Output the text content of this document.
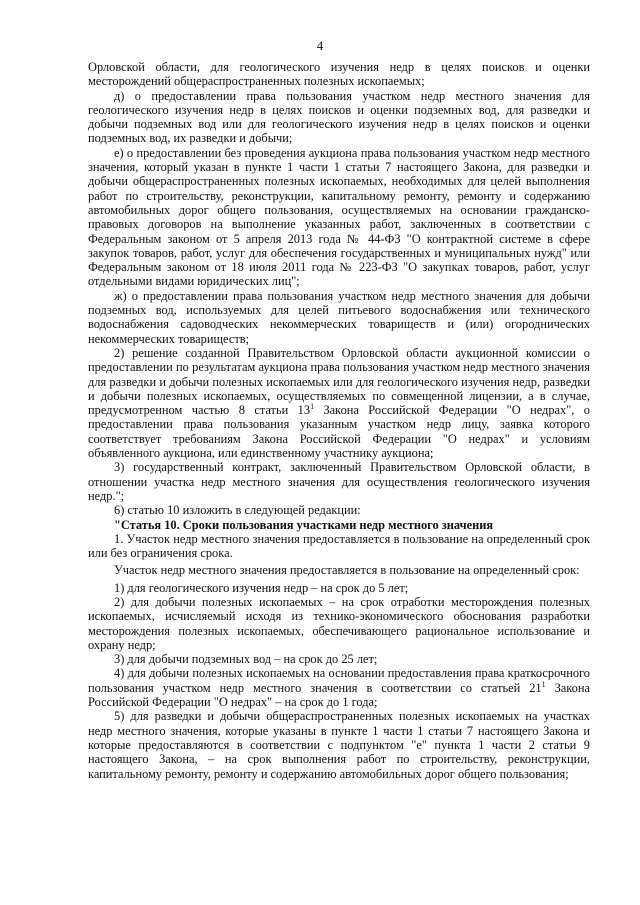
4

Орловской области, для геологического изучения недр в целях поисков и оценки месторождений общераспространенных полезных ископаемых;

д) о предоставлении права пользования участком недр местного значения для геологического изучения недр в целях поисков и оценки подземных вод, для разведки и добычи подземных вод или для геологического изучения недр в целях поисков и оценки подземных вод, их разведки и добычи;

е) о предоставлении без проведения аукциона права пользования участком недр местного значения, который указан в пункте 1 части 1 статьи 7 настоящего Закона, для разведки и добычи общераспространенных полезных ископаемых, необходимых для целей выполнения работ по строительству, реконструкции, капитальному ремонту, ремонту и содержанию автомобильных дорог общего пользования, осуществляемых на основании гражданско-правовых договоров на выполнение указанных работ, заключенных в соответствии с Федеральным законом от 5 апреля 2013 года № 44-ФЗ "О контрактной системе в сфере закупок товаров, работ, услуг для обеспечения государственных и муниципальных нужд" или Федеральным законом от 18 июля 2011 года № 223-ФЗ "О закупках товаров, работ, услуг отдельными видами юридических лиц";

ж) о предоставлении права пользования участком недр местного значения для добычи подземных вод, используемых для целей питьевого водоснабжения или технического водоснабжения садоводческих некоммерческих товариществ и (или) огороднических некоммерческих товариществ;

2) решение созданной Правительством Орловской области аукционной комиссии о предоставлении по результатам аукциона права пользования участком недр местного значения для разведки и добычи полезных ископаемых или для геологического изучения недр, разведки и добычи полезных ископаемых, осуществляемых по совмещенной лицензии, а в случае, предусмотренном частью 8 статьи $13^1$ Закона Российской Федерации "О недрах", о предоставлении права пользования указанным участком недр лицу, заявка которого соответствует требованиям Закона Российской Федерации "О недрах" и условиям объявленного аукциона, или единственному участнику аукциона;

3) государственный контракт, заключенный Правительством Орловской области, в отношении участка недр местного значения для осуществления геологического изучения недр.";

6) статью 10 изложить в следующей редакции:

"Статья 10. Сроки пользования участками недр местного значения

1. Участок недр местного значения предоставляется в пользование на определенный срок или без ограничения срока.

Участок недр местного значения предоставляется в пользование на определенный срок:

1) для геологического изучения недр – на срок до 5 лет;

2) для добычи полезных ископаемых – на срок отработки месторождения полезных ископаемых, исчисляемый исходя из технико-экономического обоснования разработки месторождения полезных ископаемых, обеспечивающего рациональное использование и охрану недр;

3) для добычи подземных вод – на срок до 25 лет;

4) для добычи полезных ископаемых на основании предоставления права краткосрочного пользования участком недр местного значения в соответствии со статьей $21^1$ Закона Российской Федерации "О недрах" – на срок до 1 года;

5) для разведки и добычи общераспространенных полезных ископаемых на участках недр местного значения, которые указаны в пункте 1 части 1 статьи 7 настоящего Закона и которые предоставляются в соответствии с подпунктом "е" пункта 1 части 2 статьи 9 настоящего Закона, – на срок выполнения работ по строительству, реконструкции, капитальному ремонту, ремонту и содержанию автомобильных дорог общего пользования;
